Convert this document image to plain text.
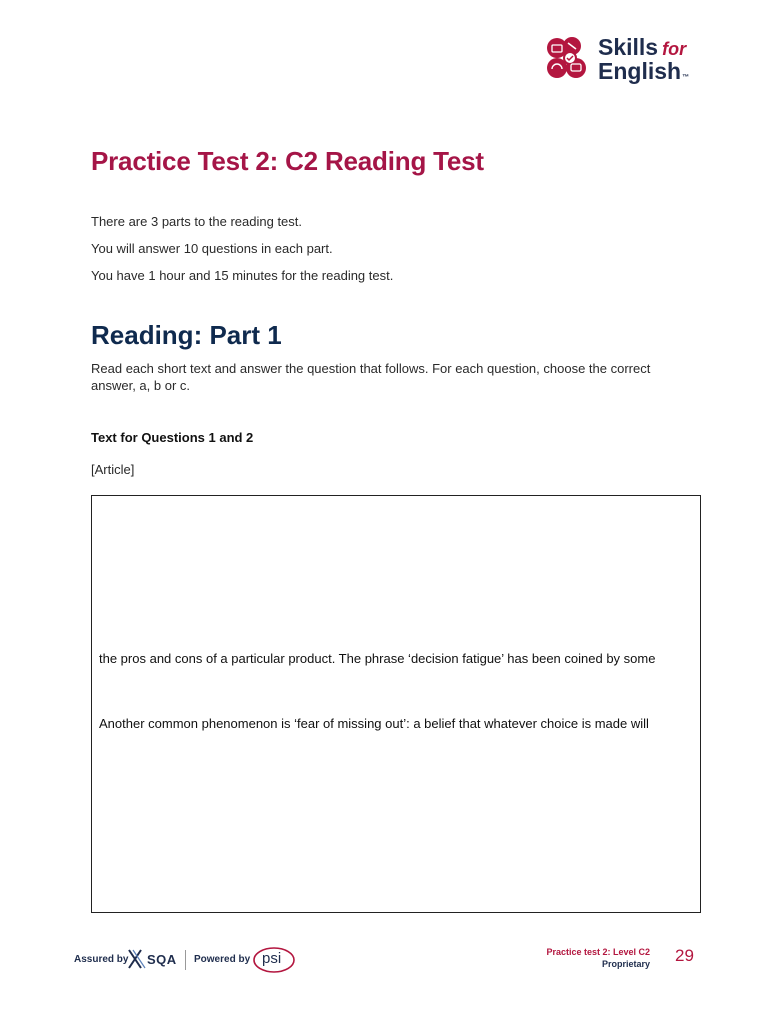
Skills for
English™
Practice Test 2: C2 Reading Test

There are 3 parts to the reading test.

You will answer 10 questions in each part.

You have 1 hour and 15 minutes for the reading test.

Reading: Part 1

Read each short text and answer the question that follows. For each question, choose the correct answer, a, b or c.

Text for Questions 1 and 2

[Article]

the pros and cons of a particular product. The phrase ‘decision fatigue’ has been coined by some

Another common phenomenon is ‘fear of missing out’: a belief that whatever choice is made will

Assured by SQA Powered by psi	Practice test 2: Level C2
Proprietary 29
